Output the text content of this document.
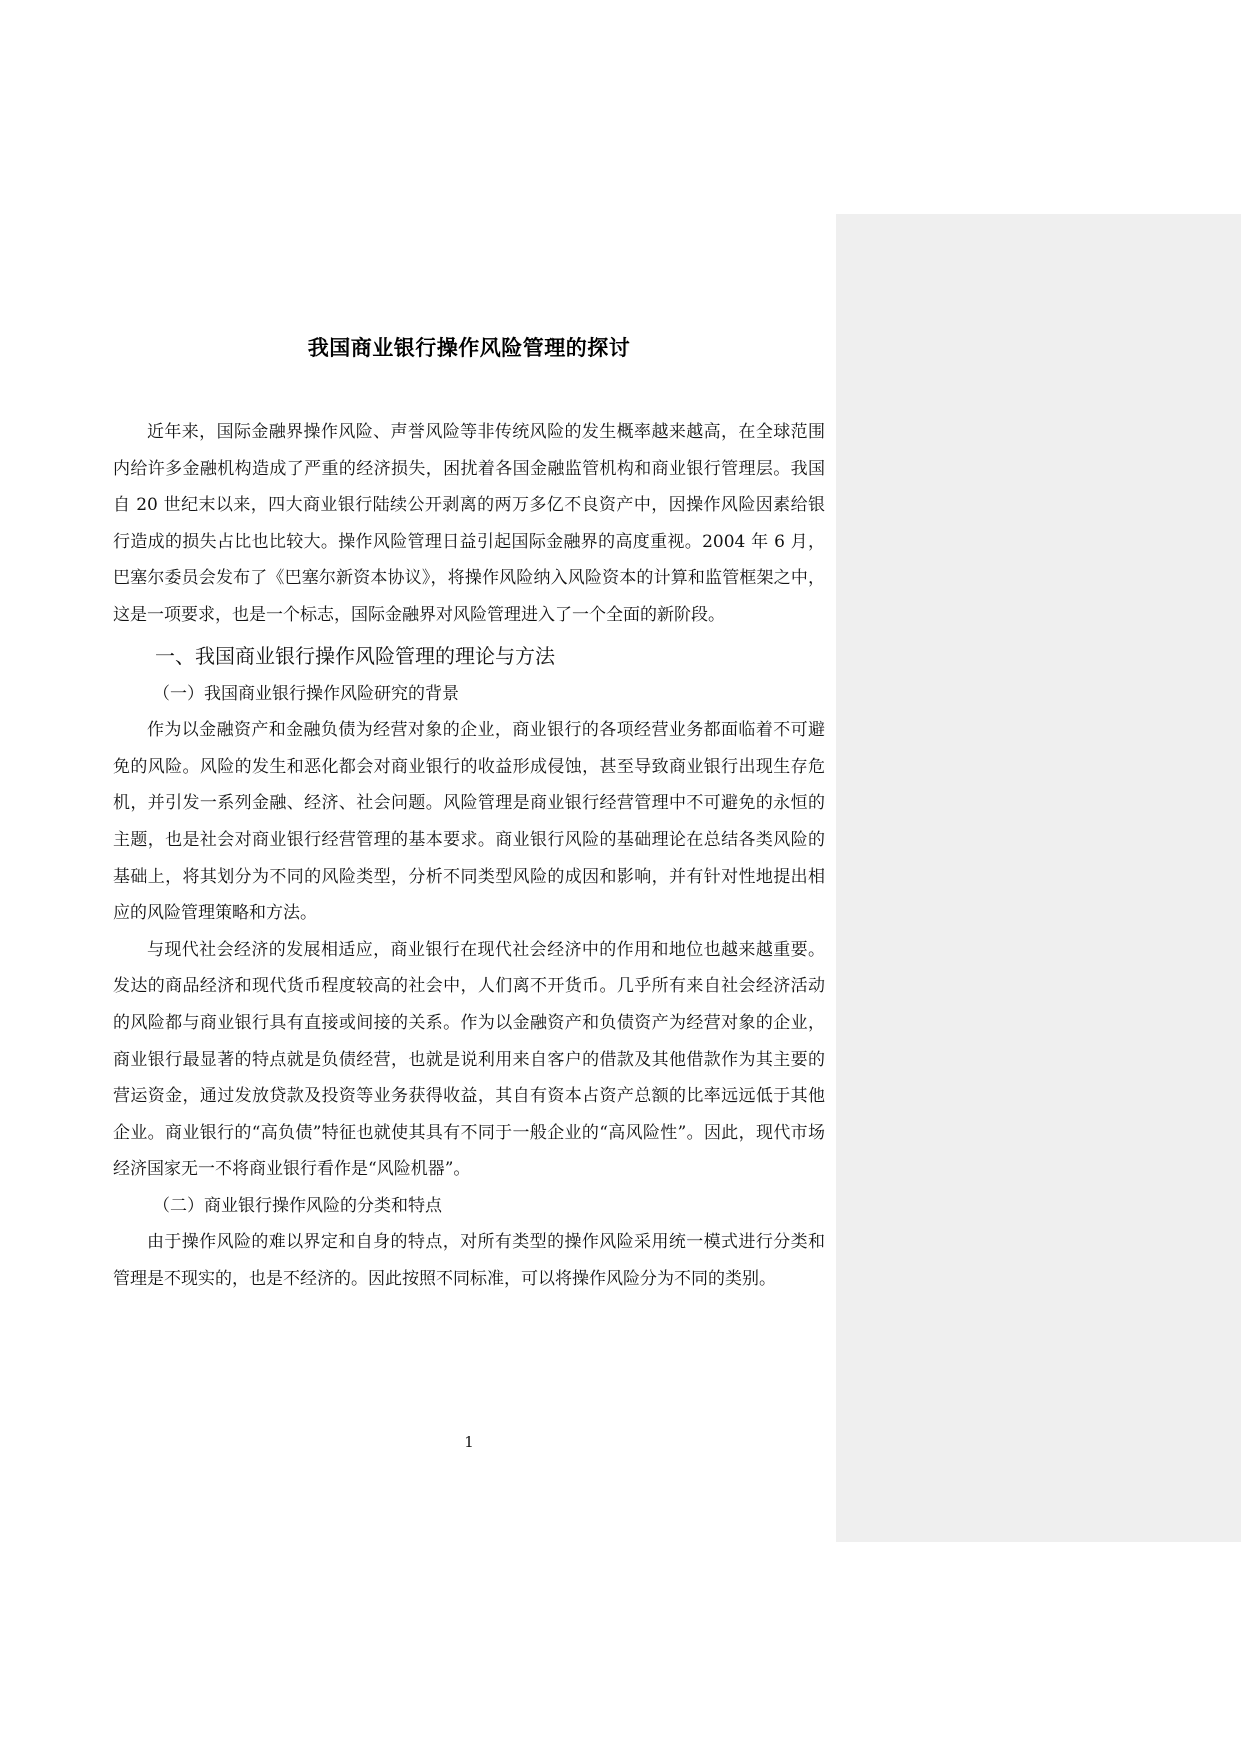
我国商业银行操作风险管理的探讨

近年来，国际金融界操作风险、声誉风险等非传统风险的发生概率越来越高，在全球范围内给许多金融机构造成了严重的经济损失，困扰着各国金融监管机构和商业银行管理层。我国自 20 世纪末以来，四大商业银行陆续公开剥离的两万多亿不良资产中，因操作风险因素给银行造成的损失占比也比较大。操作风险管理日益引起国际金融界的高度重视。2004 年 6 月，巴塞尔委员会发布了《巴塞尔新资本协议》，将操作风险纳入风险资本的计算和监管框架之中，这是一项要求，也是一个标志，国际金融界对风险管理进入了一个全面的新阶段。

一、我国商业银行操作风险管理的理论与方法

（一）我国商业银行操作风险研究的背景

作为以金融资产和金融负债为经营对象的企业，商业银行的各项经营业务都面临着不可避免的风险。风险的发生和恶化都会对商业银行的收益形成侵蚀，甚至导致商业银行出现生存危机，并引发一系列金融、经济、社会问题。风险管理是商业银行经营管理中不可避免的永恒的主题，也是社会对商业银行经营管理的基本要求。商业银行风险的基础理论在总结各类风险的基础上，将其划分为不同的风险类型，分析不同类型风险的成因和影响，并有针对性地提出相应的风险管理策略和方法。

与现代社会经济的发展相适应，商业银行在现代社会经济中的作用和地位也越来越重要。发达的商品经济和现代货币程度较高的社会中，人们离不开货币。几乎所有来自社会经济活动的风险都与商业银行具有直接或间接的关系。作为以金融资产和负债资产为经营对象的企业，商业银行最显著的特点就是负债经营，也就是说利用来自客户的借款及其他借款作为其主要的营运资金，通过发放贷款及投资等业务获得收益，其自有资本占资产总额的比率远远低于其他企业。商业银行的“高负债”特征也就使其具有不同于一般企业的“高风险性”。因此，现代市场经济国家无一不将商业银行看作是“风险机器”。

（二）商业银行操作风险的分类和特点

由于操作风险的难以界定和自身的特点，对所有类型的操作风险采用统一模式进行分类和管理是不现实的，也是不经济的。因此按照不同标准，可以将操作风险分为不同的类别。

1
